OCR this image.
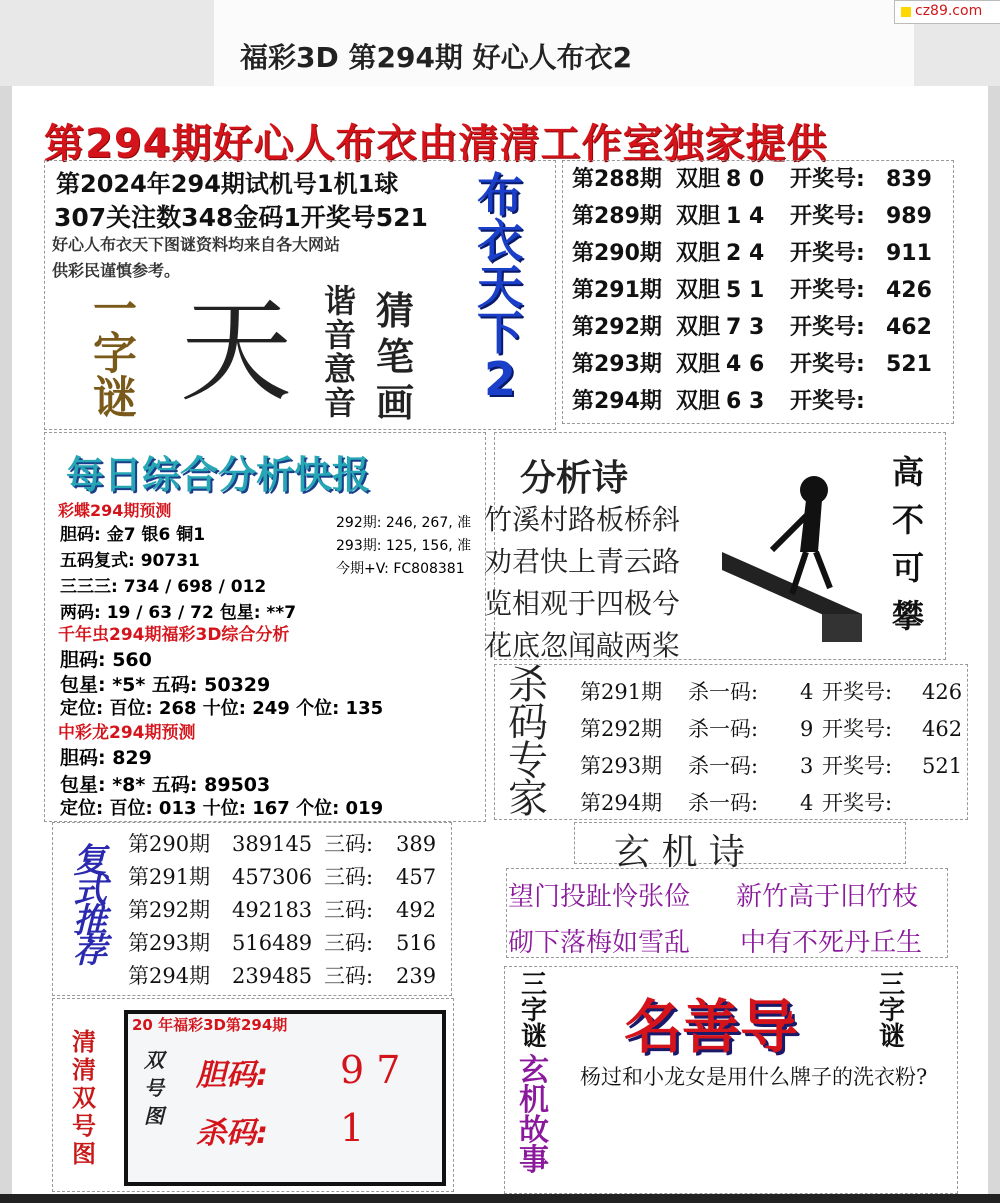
福彩3D 第294期 好心人布衣2
cz89.com
第294期好心人布衣由清清工作室独家提供
第2024年294期试机号1机1球
307关注数348金码1开奖号521
好心人布衣天下图谜资料均来自各大网站
供彩民谨慎参考。
布
衣
天
下
2
一字谜 天 猜
笔
画
谐
音
意
音
第288期 双胆 8 0 开奖号: 839
第289期 双胆 1 4 开奖号: 989
第290期 双胆 2 4 开奖号: 911
第291期 双胆 5 1 开奖号: 426
第292期 双胆 7 3 开奖号: 462
第293期 双胆 4 6 开奖号: 521
第294期 双胆 6 3 开奖号:
每日综合分析快报
彩蝶294期预测
胆码: 金7 银6 铜1
五码复式: 90731
三三三: 734 / 698 / 012
两码: 19 / 63 / 72 包星: **7
292期: 246, 267, 准
293期: 125, 156, 准
今期+V: FC808381
千年虫294期福彩3D综合分析
胆码: 560
包星: *5* 五码: 50329
定位: 百位: 268 十位: 249 个位: 135
中彩龙294期预测
胆码: 829
包星: *8* 五码: 89503
定位: 百位: 013 十位: 167 个位: 019
分析诗
竹溪村路板桥斜
劝君快上青云路
览相观于四极兮
花底忽闻敲两桨
高
不
可
攀
杀
码
专
家
第291期 杀一码: 4 开奖号: 426
第292期 杀一码: 9 开奖号: 462
第293期 杀一码: 3 开奖号: 521
第294期 杀一码: 4 开奖号:
玄 机 诗
望门投趾怜张俭 新竹高于旧竹枝
砌下落梅如雪乱 中有不死丹丘生
复
式
推
荐
第290期 389145 三码: 389
第291期 457306 三码: 457
第292期 492183 三码: 492
第293期 516489 三码: 516
第294期 239485 三码: 239
清
清
双
号
图
20 年福彩3D第294期
双
号
图
胆码: 9 7
杀码: 1
三
字
谜
玄
机
故
事
三
字
谜
名善导
杨过和小龙女是用什么牌子的洗衣粉?
